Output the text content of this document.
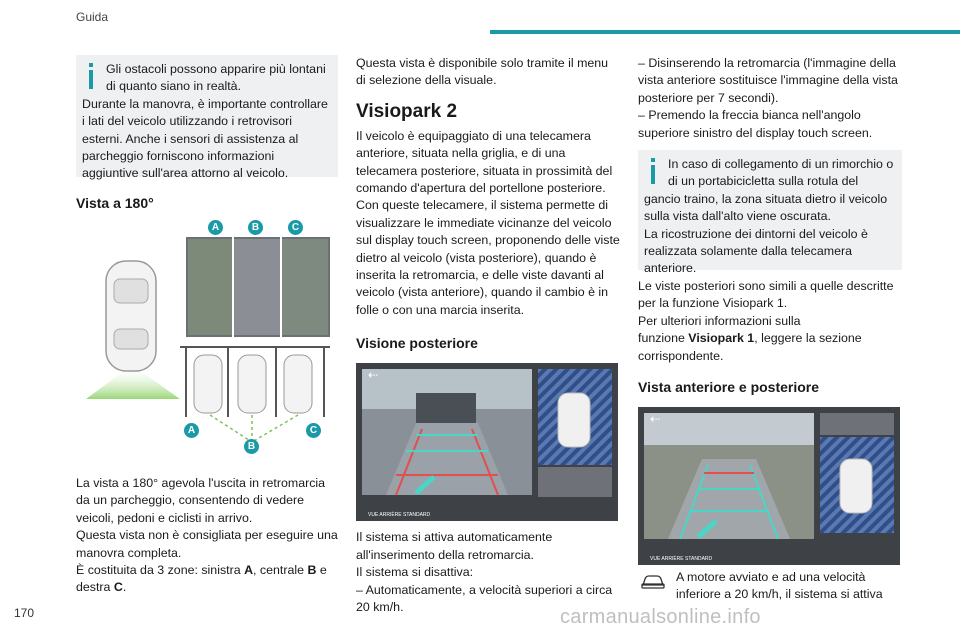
Guida

Gli ostacoli possono apparire più lontani

di quanto siano in realtà.

Durante la manovra, è importante controllare i lati del veicolo utilizzando i retrovisori esterni. Anche i sensori di assistenza al parcheggio forniscono informazioni aggiuntive sull'area attorno al veicolo.

Vista a 180°
A	B	C
A
B
C

La vista a 180° agevola l'uscita in retromarcia da un parcheggio, consentendo di vedere veicoli, pedoni e ciclisti in arrivo.

Questa vista non è consigliata per eseguire una manovra completa.

È costituita da 3 zone: sinistra A, centrale B e destra C.

Questa vista è disponibile solo tramite il menu di selezione della visuale.

Visiopark 2

Il veicolo è equipaggiato di una telecamera anteriore, situata nella griglia, e di una telecamera posteriore, situata in prossimità del comando d'apertura del portellone posteriore. Con queste telecamere, il sistema permette di visualizzare le immediate vicinanze del veicolo sul display touch screen, proponendo delle viste dietro al veicolo (vista posteriore), quando è inserita la retromarcia, e delle viste davanti al veicolo (vista anteriore), quando il cambio è in folle o con una marcia inserita.

Visione posteriore
⇠
VUE ARRIÈRE STANDARD

Il sistema si attiva automaticamente all'inserimento della retromarcia.

Il sistema si disattiva:

– Automaticamente, a velocità superiori a circa 20 km/h.

– Disinserendo la retromarcia (l'immagine della vista anteriore sostituisce l'immagine della vista posteriore per 7 secondi).

– Premendo la freccia bianca nell'angolo superiore sinistro del display touch screen.

In caso di collegamento di un rimorchio o

di un portabicicletta sulla rotula del

gancio traino, la zona situata dietro il veicolo sulla vista dall'alto viene oscurata.

La ricostruzione dei dintorni del veicolo è realizzata solamente dalla telecamera anteriore.

Le viste posteriori sono simili a quelle descritte per la funzione Visiopark 1.

Per ulteriori informazioni sulla

funzione Visiopark 1, leggere la sezione corrispondente.

Vista anteriore e posteriore
⇠
VUE ARRIÈRE STANDARD

A motore avviato e ad una velocità

inferiore a 20 km/h, il sistema si attiva

170	carmanualsonline.info
